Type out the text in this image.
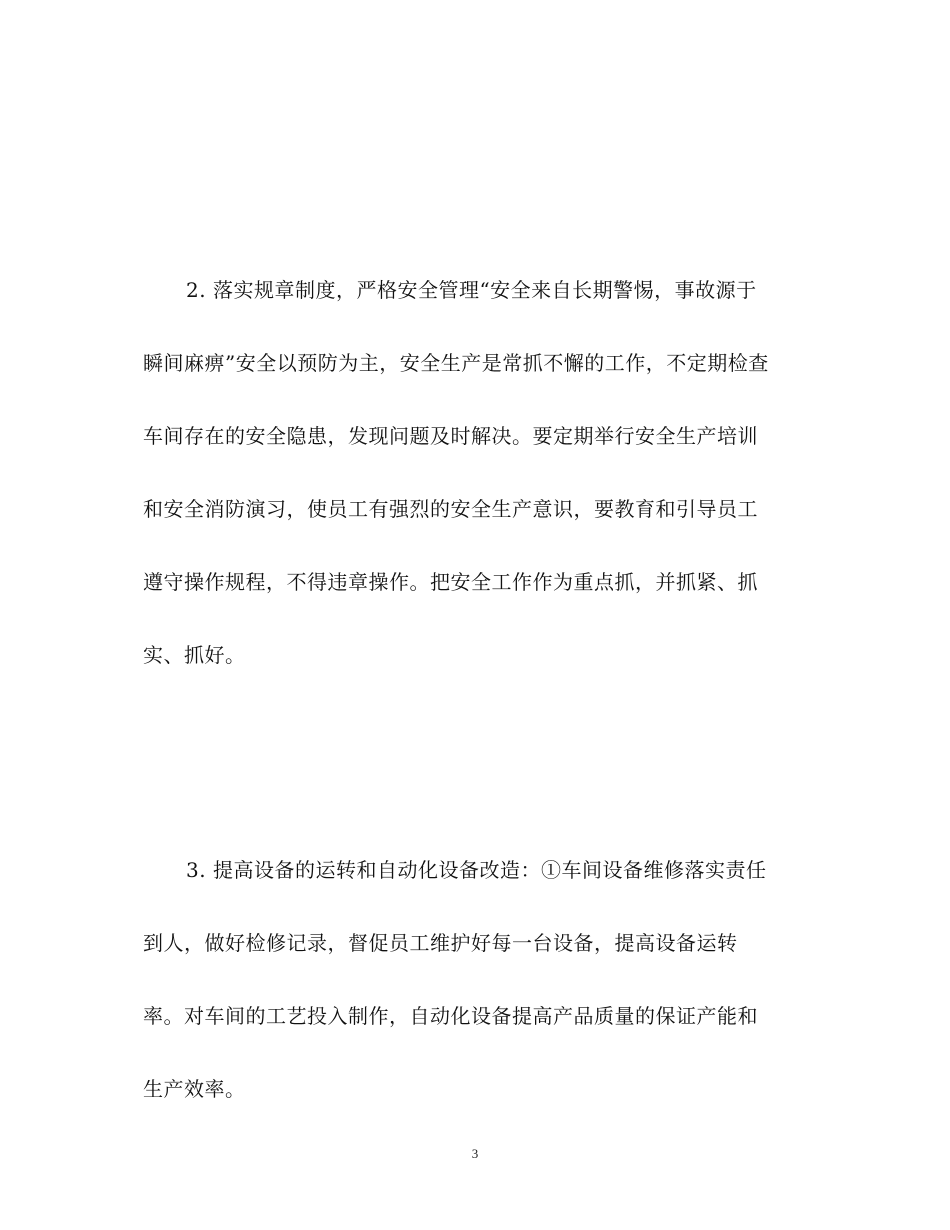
2. 落实规章制度，严格安全管理“安全来自长期警惕，事故源于
瞬间麻痹”安全以预防为主，安全生产是常抓不懈的工作，不定期检查
车间存在的安全隐患，发现问题及时解决。要定期举行安全生产培训
和安全消防演习，使员工有强烈的安全生产意识，要教育和引导员工
遵守操作规程，不得违章操作。把安全工作作为重点抓，并抓紧、抓
实、抓好。
3. 提高设备的运转和自动化设备改造：①车间设备维修落实责任
到人，做好检修记录，督促员工维护好每一台设备，提高设备运转
率。对车间的工艺投入制作，自动化设备提高产品质量的保证产能和
生产效率。
3
